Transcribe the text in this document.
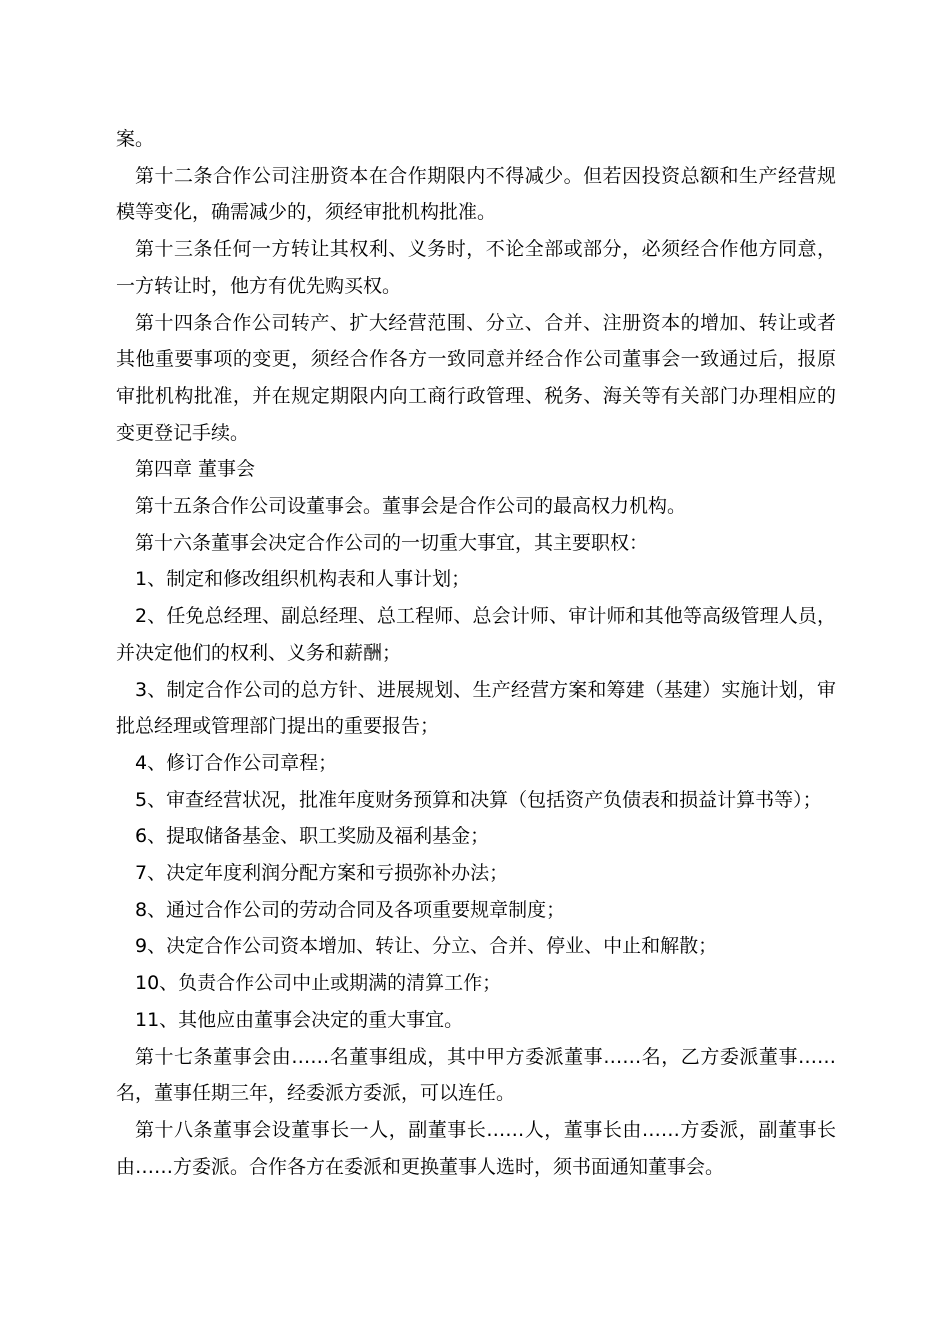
案。

第十二条合作公司注册资本在合作期限内不得减少。但若因投资总额和生产经营规模等变化，确需减少的，须经审批机构批准。

第十三条任何一方转让其权利、义务时，不论全部或部分，必须经合作他方同意，一方转让时，他方有优先购买权。

第十四条合作公司转产、扩大经营范围、分立、合并、注册资本的增加、转让或者其他重要事项的变更，须经合作各方一致同意并经合作公司董事会一致通过后，报原审批机构批准，并在规定期限内向工商行政管理、税务、海关等有关部门办理相应的变更登记手续。

第四章 董事会

第十五条合作公司设董事会。董事会是合作公司的最高权力机构。

第十六条董事会决定合作公司的一切重大事宜，其主要职权：

1、制定和修改组织机构表和人事计划；

2、任免总经理、副总经理、总工程师、总会计师、审计师和其他等高级管理人员，并决定他们的权利、义务和薪酬；

3、制定合作公司的总方针、进展规划、生产经营方案和筹建（基建）实施计划，审批总经理或管理部门提出的重要报告；

4、修订合作公司章程；

5、审查经营状况，批准年度财务预算和决算（包括资产负债表和损益计算书等）；

6、提取储备基金、职工奖励及福利基金；

7、决定年度利润分配方案和亏损弥补办法；

8、通过合作公司的劳动合同及各项重要规章制度；

9、决定合作公司资本增加、转让、分立、合并、停业、中止和解散；

10、负责合作公司中止或期满的清算工作；

11、其他应由董事会决定的重大事宜。

第十七条董事会由……名董事组成，其中甲方委派董事……名，乙方委派董事……名，董事任期三年，经委派方委派，可以连任。

第十八条董事会设董事长一人，副董事长……人，董事长由……方委派，副董事长由……方委派。合作各方在委派和更换董事人选时，须书面通知董事会。
